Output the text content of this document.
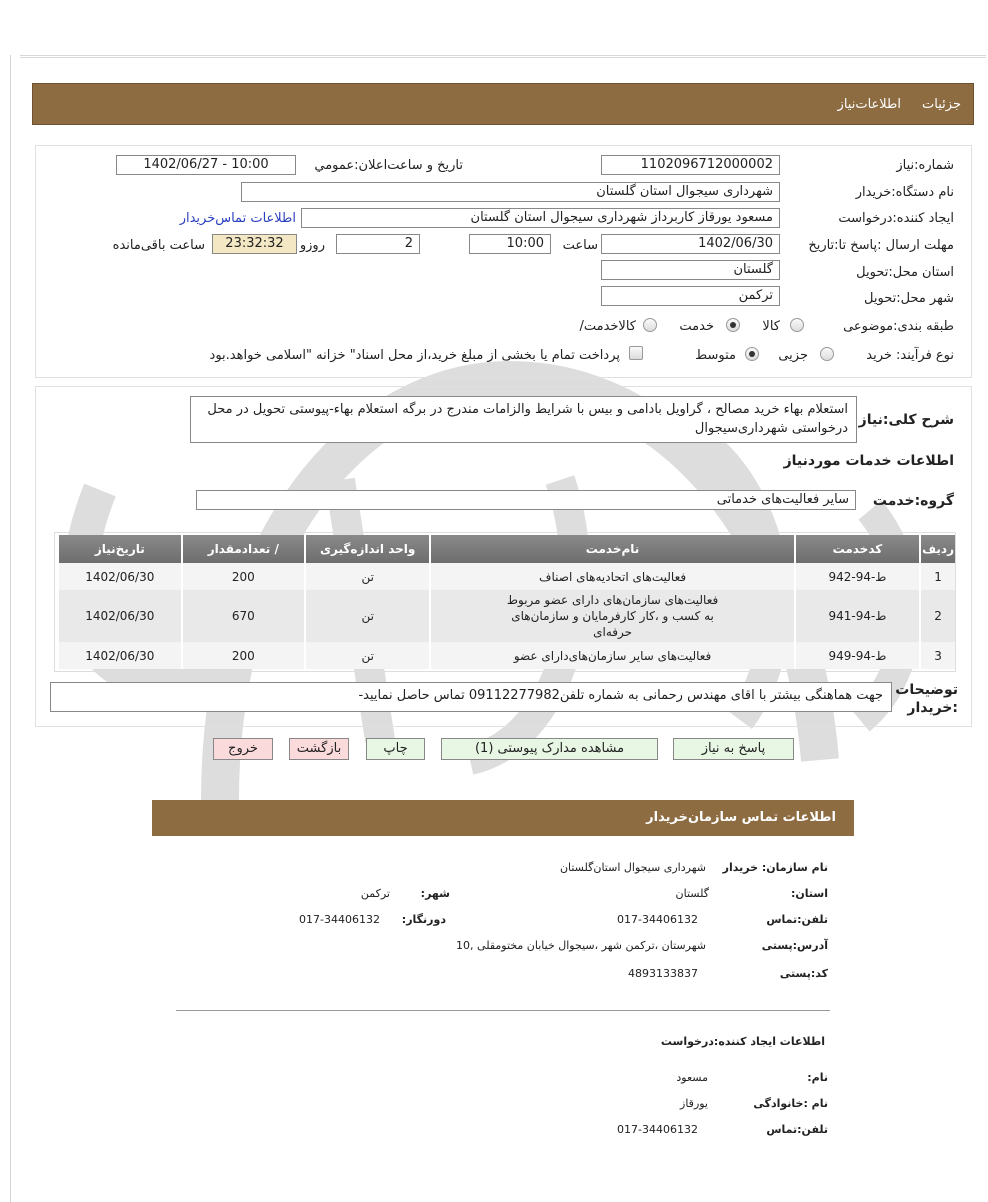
جزئیات
اطلاعات‌نیاز
شماره:نیاز
1102096712000002
تاریخ و ساعت‌اعلان:عمومي
1402/06/27 - 10:00
نام دستگاه:خریدار
شهرداری سیجوال استان گلستان
ایجاد کننده:درخواست
مسعود یورقاز کاربرداز شهرداری سیجوال استان گلستان
اطلاعات تماس‌خریدار
مهلت ارسال :پاسخ تا:تاریخ
1402/06/30
ساعت
10:00
2
روزو
23:32:32
ساعت باقی‌مانده
استان محل:تحویل
گلستان
شهر محل:تحویل
ترکمن
طبقه بندی:موضوعی
کالا
خدمت
/کالاخدمت
نوع فرآیند: خرید
جزیی
متوسط
پرداخت تمام یا بخشی از مبلغ خرید،از محل اسناد" خزانه "اسلامی خواهد.بود
شرح کلی:نیاز
استعلام بهاء خرید مصالح ، گراویل بادامی و بیس با شرایط والزامات مندرج در برگه استعلام بهاء-پیوستی تحویل در محل درخواستی شهرداری‌سیجوال
اطلاعات خدمات موردنیاز
گروه:خدمت
سایر فعالیت‌های خدماتی
ردیف	کدخدمت	نام‌خدمت	واحد اندازه‌گیری	/ تعدادمقدار	تاریخ‌نیاز
1	ط-94-942	فعالیت‌های اتحادیه‌های اصناف	تن	200	1402/06/30
2	ط-94-941	فعالیت‌های سازمان‌های دارای عضو مربوط به کسب و ،کار کارفرمایان و سازمان‌های حرفه‌ای	تن	670	1402/06/30
3	ط-94-949	فعالیت‌های سایر سازمان‌های‌دارای عضو	تن	200	1402/06/30
توضیحات :خریدار
جهت هماهنگی بیشتر با اقای مهندس رحمانی به شماره تلفن09112277982 تماس حاصل نمایید-
پاسخ به نیاز
مشاهده مدارک پیوستی (1)
چاپ
بازگشت
خروج
اطلاعات تماس سازمان‌خریدار
نام سازمان: خریدار
شهرداری سیجوال استان‌گلستان
:استان
گلستان
:شهر
ترکمن
تلفن:تماس
017-34406132
:دورنگار
017-34406132
آدرس:پستی
شهرستان ،ترکمن شهر ،سیجوال خیابان مختومقلی ,10
کد:پستی
4893133837
اطلاعات ایجاد کننده:درخواست
:نام
مسعود
نام :خانوادگی
یورقاز
تلفن:تماس
017-34406132
